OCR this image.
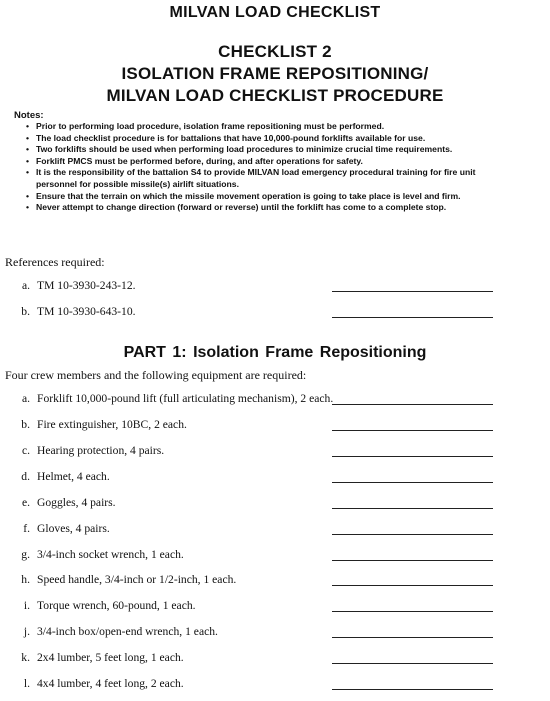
MILVAN LOAD CHECKLIST
CHECKLIST 2
ISOLATION FRAME REPOSITIONING/
MILVAN LOAD CHECKLIST PROCEDURE
Notes:
• Prior to performing load procedure, isolation frame repositioning must be performed.
• The load checklist procedure is for battalions that have 10,000-pound forklifts available for use.
• Two forklifts should be used when performing load procedures to minimize crucial time requirements.
• Forklift PMCS must be performed before, during, and after operations for safety.
• It is the responsibility of the battalion S4 to provide MILVAN load emergency procedural training for fire unit personnel for possible missile(s) airlift situations.
• Ensure that the terrain on which the missile movement operation is going to take place is level and firm.
• Never attempt to change direction (forward or reverse) until the forklift has come to a complete stop.
References required:
a. TM 10-3930-243-12.
b. TM 10-3930-643-10.
PART 1: Isolation Frame Repositioning
Four crew members and the following equipment are required:
a. Forklift 10,000-pound lift (full articulating mechanism), 2 each.
b. Fire extinguisher, 10BC, 2 each.
c. Hearing protection, 4 pairs.
d. Helmet, 4 each.
e. Goggles, 4 pairs.
f. Gloves, 4 pairs.
g. 3/4-inch socket wrench, 1 each.
h. Speed handle, 3/4-inch or 1/2-inch, 1 each.
i. Torque wrench, 60-pound, 1 each.
j. 3/4-inch box/open-end wrench, 1 each.
k. 2x4 lumber, 5 feet long, 1 each.
l. 4x4 lumber, 4 feet long, 2 each.
